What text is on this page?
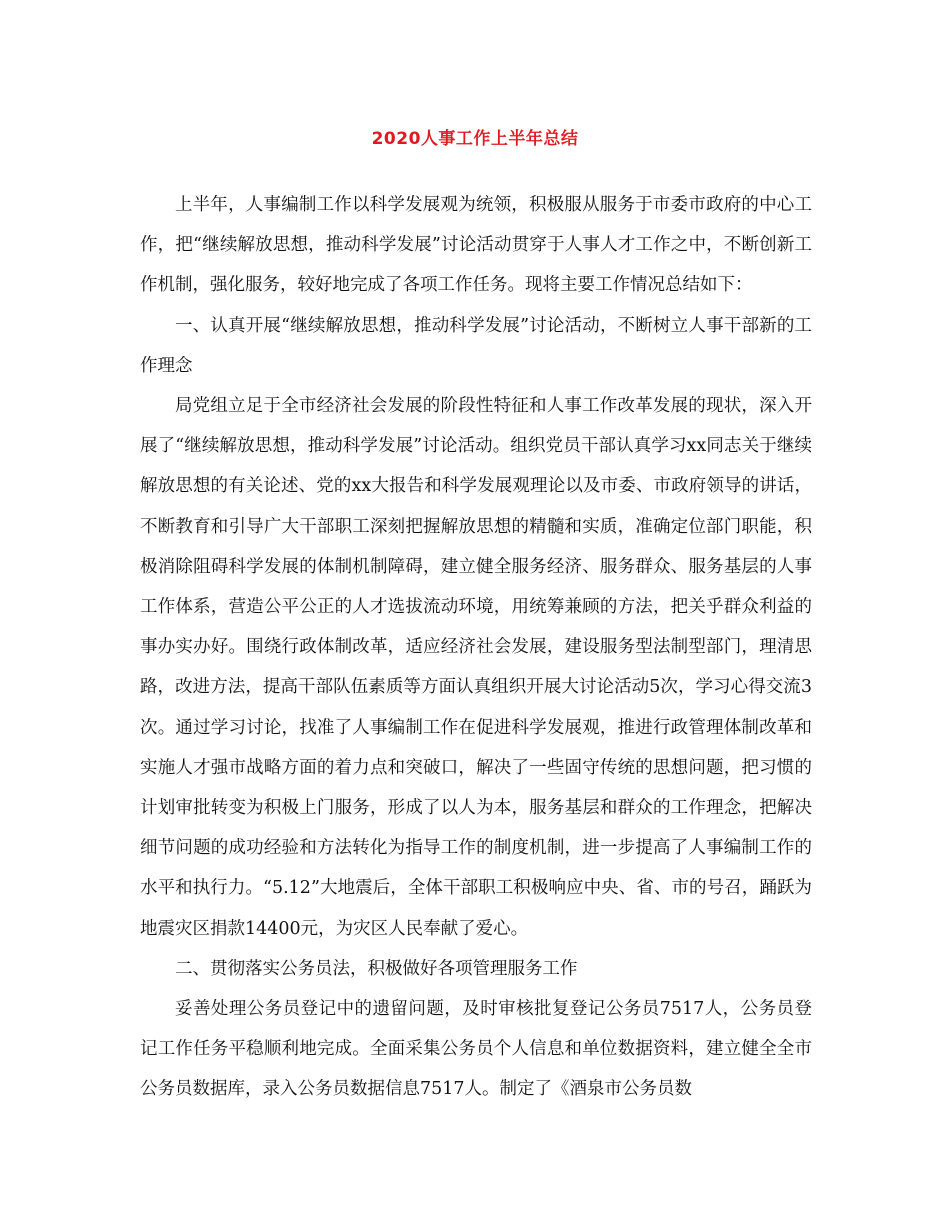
2020人事工作上半年总结

上半年，人事编制工作以科学发展观为统领，积极服从服务于市委市政府的中心工作，把“继续解放思想，推动科学发展”讨论活动贯穿于人事人才工作之中，不断创新工作机制，强化服务，较好地完成了各项工作任务。现将主要工作情况总结如下：

一、认真开展“继续解放思想，推动科学发展”讨论活动，不断树立人事干部新的工作理念

局党组立足于全市经济社会发展的阶段性特征和人事工作改革发展的现状，深入开展了“继续解放思想，推动科学发展”讨论活动。组织党员干部认真学习xx同志关于继续解放思想的有关论述、党的xx大报告和科学发展观理论以及市委、市政府领导的讲话，不断教育和引导广大干部职工深刻把握解放思想的精髓和实质，准确定位部门职能，积极消除阻碍科学发展的体制机制障碍，建立健全服务经济、服务群众、服务基层的人事工作体系，营造公平公正的人才选拔流动环境，用统筹兼顾的方法，把关乎群众利益的事办实办好。围绕行政体制改革，适应经济社会发展，建设服务型法制型部门，理清思路，改进方法，提高干部队伍素质等方面认真组织开展大讨论活动5次，学习心得交流3次。通过学习讨论，找准了人事编制工作在促进科学发展观，推进行政管理体制改革和实施人才强市战略方面的着力点和突破口，解决了一些固守传统的思想问题，把习惯的计划审批转变为积极上门服务，形成了以人为本，服务基层和群众的工作理念，把解决细节问题的成功经验和方法转化为指导工作的制度机制，进一步提高了人事编制工作的水平和执行力。“5.12”大地震后，全体干部职工积极响应中央、省、市的号召，踊跃为地震灾区捐款14400元，为灾区人民奉献了爱心。

二、贯彻落实公务员法，积极做好各项管理服务工作

妥善处理公务员登记中的遗留问题，及时审核批复登记公务员7517人，公务员登记工作任务平稳顺利地完成。全面采集公务员个人信息和单位数据资料，建立健全全市公务员数据库，录入公务员数据信息7517人。制定了《酒泉市公务员数
